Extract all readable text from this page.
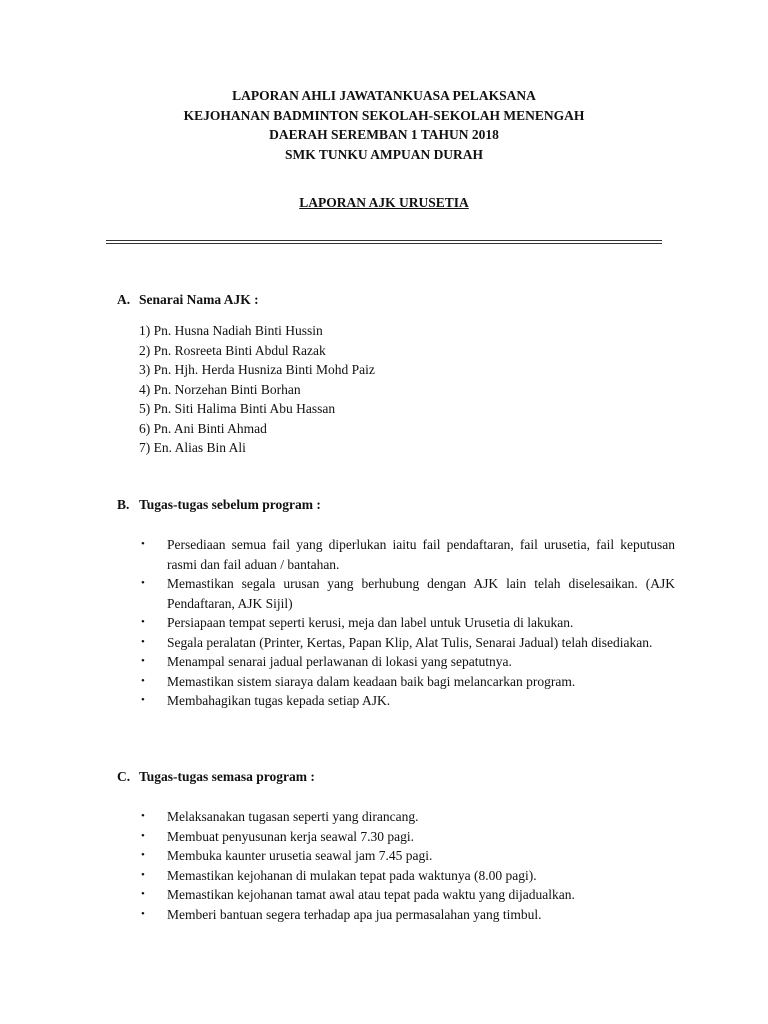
LAPORAN AHLI JAWATANKUASA PELAKSANA
KEJOHANAN BADMINTON SEKOLAH-SEKOLAH MENENGAH
DAERAH SEREMBAN 1 TAHUN 2018
SMK TUNKU AMPUAN DURAH
LAPORAN AJK URUSETIA
A. Senarai Nama AJK :
1) Pn. Husna Nadiah Binti Hussin
2) Pn. Rosreeta Binti Abdul Razak
3) Pn. Hjh. Herda Husniza Binti Mohd Paiz
4) Pn. Norzehan Binti Borhan
5) Pn. Siti Halima Binti Abu Hassan
6) Pn. Ani Binti Ahmad
7) En. Alias Bin Ali
B. Tugas-tugas sebelum program :
• Persediaan semua fail yang diperlukan iaitu fail pendaftaran, fail urusetia, fail keputusan rasmi dan fail aduan / bantahan.
• Memastikan segala urusan yang berhubung dengan AJK lain telah diselesaikan. (AJK Pendaftaran, AJK Sijil)
• Persiapaan tempat seperti kerusi, meja dan label untuk Urusetia di lakukan.
• Segala peralatan (Printer, Kertas, Papan Klip, Alat Tulis, Senarai Jadual) telah disediakan.
• Menampal senarai jadual perlawanan di lokasi yang sepatutnya.
• Memastikan sistem siaraya dalam keadaan baik bagi melancarkan program.
• Membahagikan tugas kepada setiap AJK.
C. Tugas-tugas semasa program :
• Melaksanakan tugasan seperti yang dirancang.
• Membuat penyusunan kerja seawal 7.30 pagi.
• Membuka kaunter urusetia seawal jam 7.45 pagi.
• Memastikan kejohanan di mulakan tepat pada waktunya (8.00 pagi).
• Memastikan kejohanan tamat awal atau tepat pada waktu yang dijadualkan.
• Memberi bantuan segera terhadap apa jua permasalahan yang timbul.
